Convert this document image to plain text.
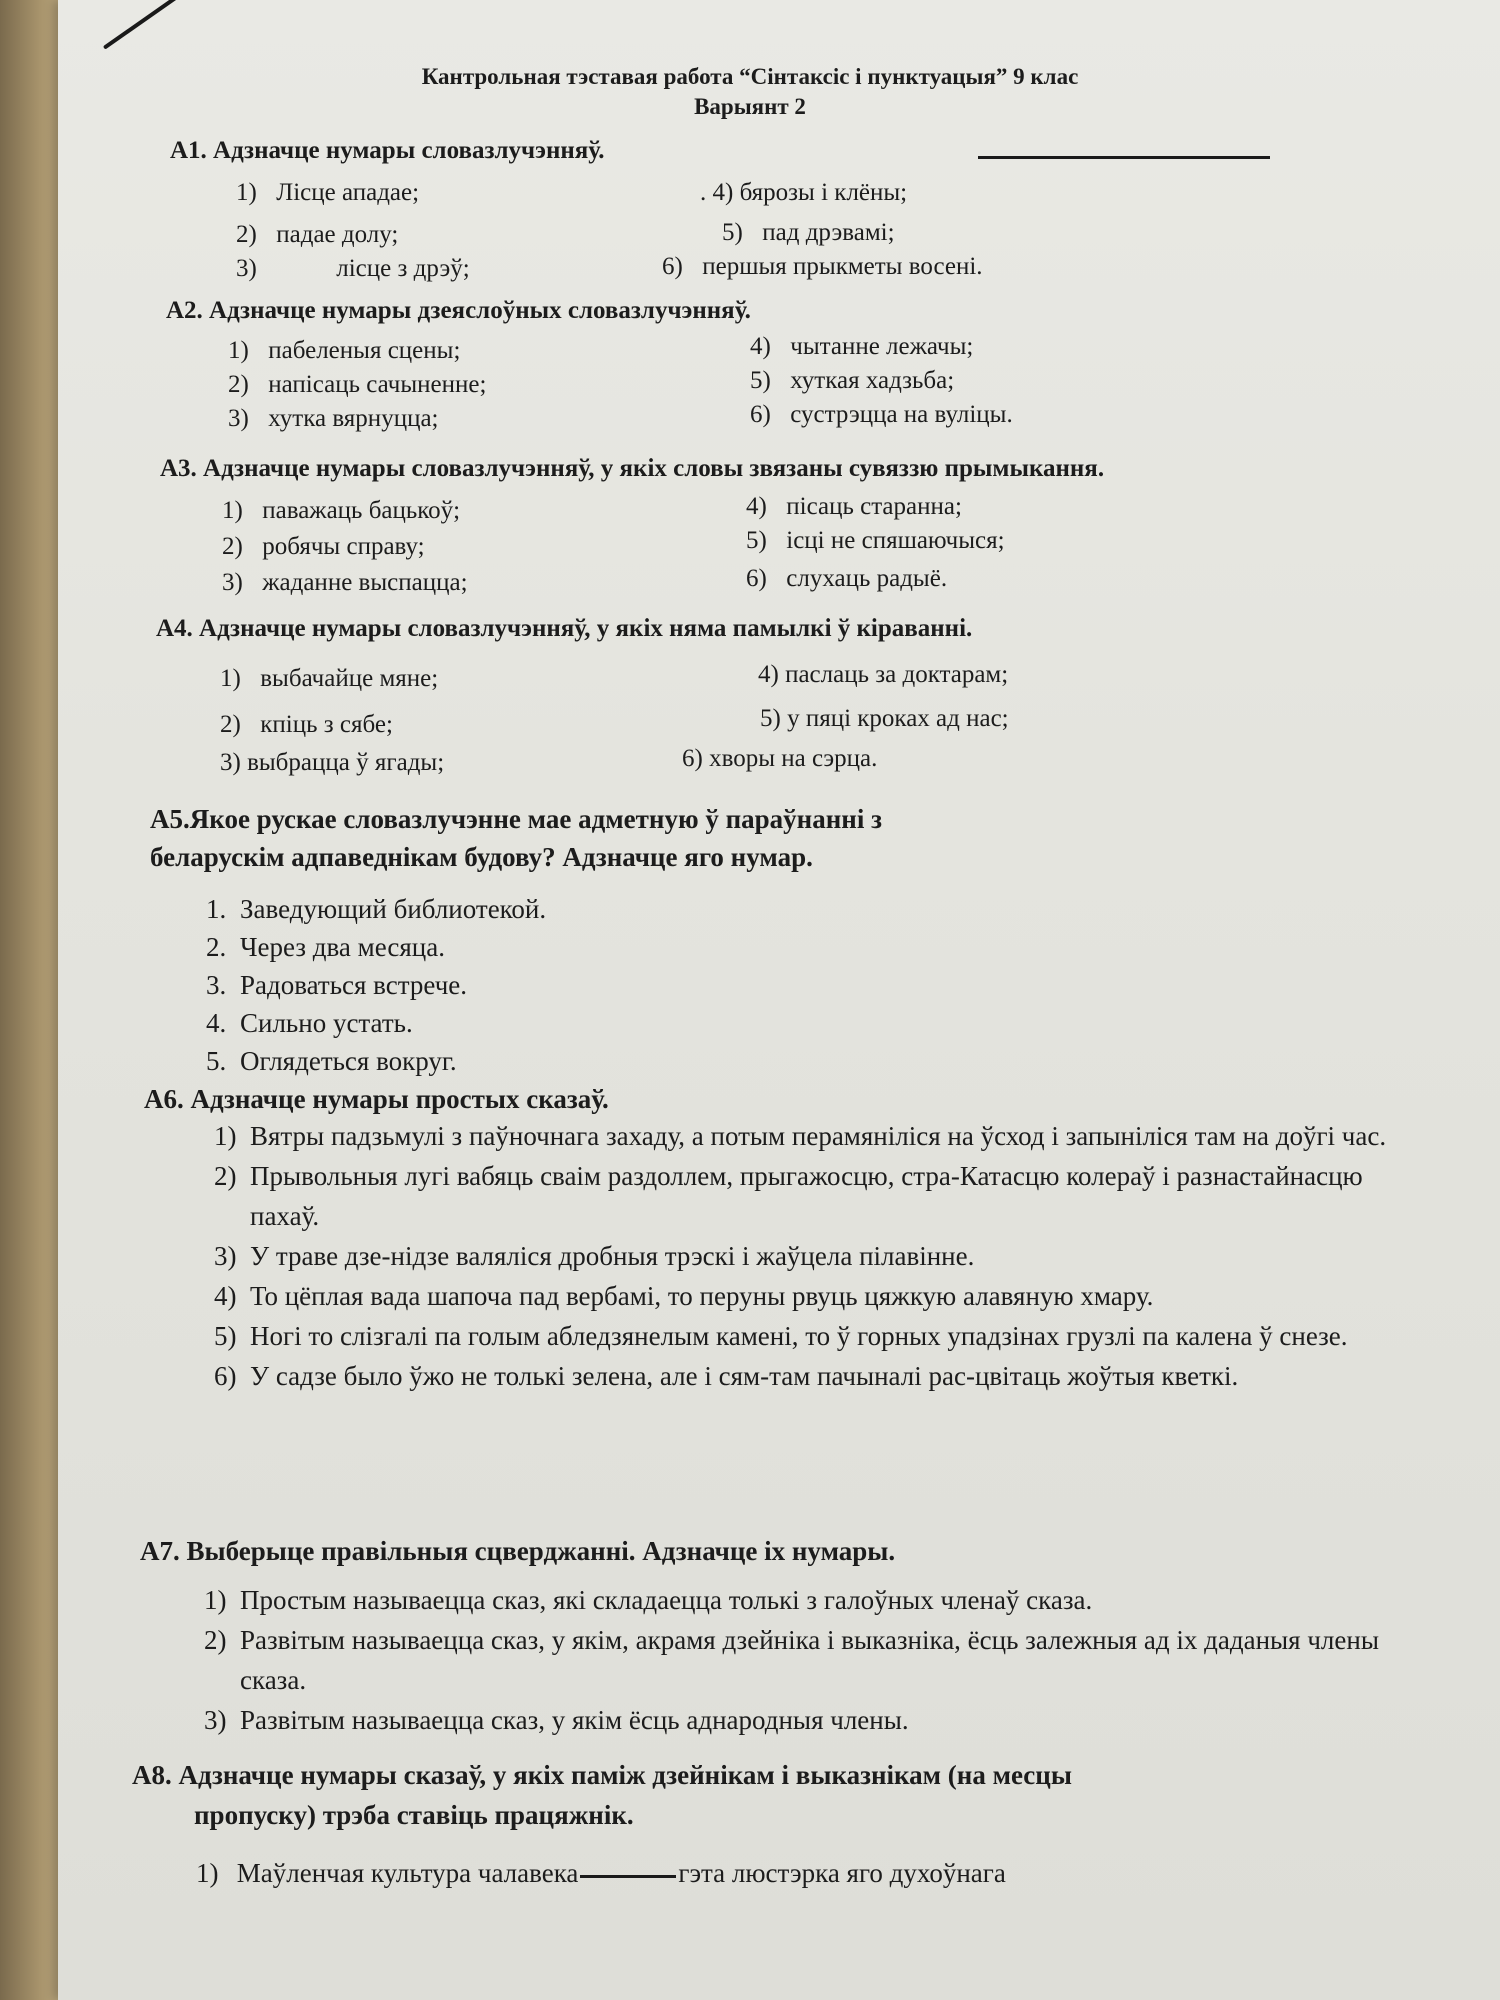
Кантрольная тэставая работа “Сінтаксіс і пунктуацыя” 9 клас
Варыянт 2

А1. Адзначце нумары словазлучэнняў.

1) Лісце ападае;
2) падае долу;
3)	лісце з дрэў;
. 4) бярозы і клёны;
5) пад дрэвамі;
6) першыя прыкметы восені.

А2. Адзначце нумары дзеяслоўных словазлучэнняў.

1) пабеленыя сцены;
2) напісаць сачыненне;
3) хутка вярнуцца;
4) чытанне лежачы;
5) хуткая хадзьба;
6) сустрэцца на вуліцы.

А3. Адзначце нумары словазлучэнняў, у якіх словы звязаны сувяззю прымыкання.

1) паважаць бацькоў;
2) робячы справу;
3) жаданне выспацца;
4) пісаць старанна;
5) ісці не спяшаючыся;
6) слухаць радыё.

А4. Адзначце нумары словазлучэнняў, у якіх няма памылкі ў кіраванні.

1) выбачайце мяне;
2) кпіць з сябе;
3) выбрацца ў ягады;
4) паслаць за доктарам;
5) у пяці кроках ад нас;
6) хворы на сэрца.

А5.Якое рускае словазлучэнне мае адметную ў параўнанні з

беларускім адпаведнікам будову? Адзначце яго нумар.

1. Заведующий библиотекой.
2. Через два месяца.
3. Радоваться встрече.
4. Сильно устать.
5. Оглядеться вокруг.

А6. Адзначце нумары простых сказаў.

1) Вятры падзьмулі з паўночнага захаду, а потым перамяніліся на ўсход і запыніліся там на доўгі час.
2) Прывольныя лугі вабяць сваім раздоллем, прыгажосцю, стра-Катасцю колераў і разнастайнасцю пахаў.
3) У траве дзе-нідзе валяліся дробныя трэскі і жаўцела пілавінне.
4) То цёплая вада шапоча пад вербамі, то перуны рвуць цяжкую алавяную хмару.
5) Ногі то слізгалі па голым абледзянелым камені, то ў горных упадзінах грузлі па калена ў снезе.
6) У садзе было ўжо не толькі зелена, але і сям-там пачыналі рас-цвітаць жоўтыя кветкі.

А7. Выберыце правільныя сцверджанні. Адзначце іх нумары.

1) Простым называецца сказ, які складаецца толькі з галоўных членаў сказа.
2) Развітым называецца сказ, у якім, акрамя дзейніка і выказніка, ёсць залежныя ад іх даданыя члены сказа.
3) Развітым называецца сказ, у якім ёсць аднародныя члены.

А8. Адзначце нумары сказаў, у якіх паміж дзейнікам і выказнікам (на месцы

пропуску) трэба ставіць працяжнік.

1) Маўленчая культура чалавека	гэта люстэрка яго духоўнага
